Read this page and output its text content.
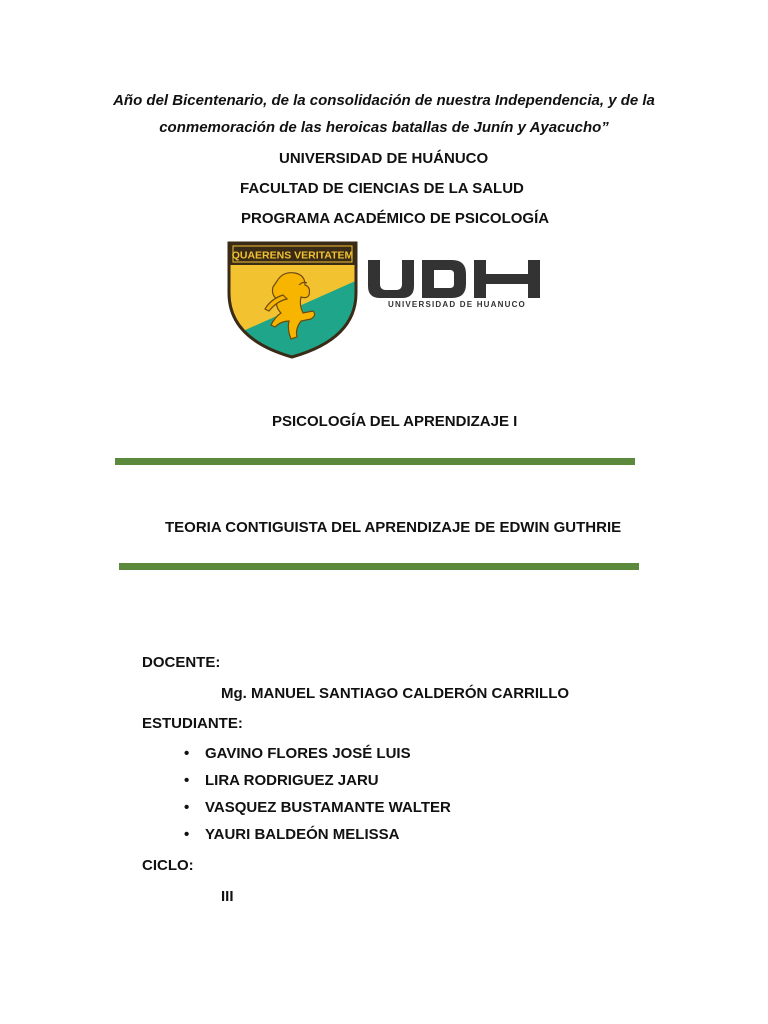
Año del Bicentenario, de la consolidación de nuestra Independencia, y de la
conmemoración de las heroicas batallas de Junín y Ayacucho”
UNIVERSIDAD DE HUÁNUCO
FACULTAD DE CIENCIAS DE LA SALUD
PROGRAMA ACADÉMICO DE PSICOLOGÍA
QUAERENS VERITATEM
UNIVERSIDAD DE HUANUCO
PSICOLOGÍA DEL APRENDIZAJE I
TEORIA CONTIGUISTA DEL APRENDIZAJE DE EDWIN GUTHRIE
DOCENTE:
Mg. MANUEL SANTIAGO CALDERÓN CARRILLO
ESTUDIANTE:
• GAVINO FLORES JOSÉ LUIS
• LIRA RODRIGUEZ JARU
• VASQUEZ BUSTAMANTE WALTER
• YAURI BALDEÓN MELISSA
CICLO:
III
